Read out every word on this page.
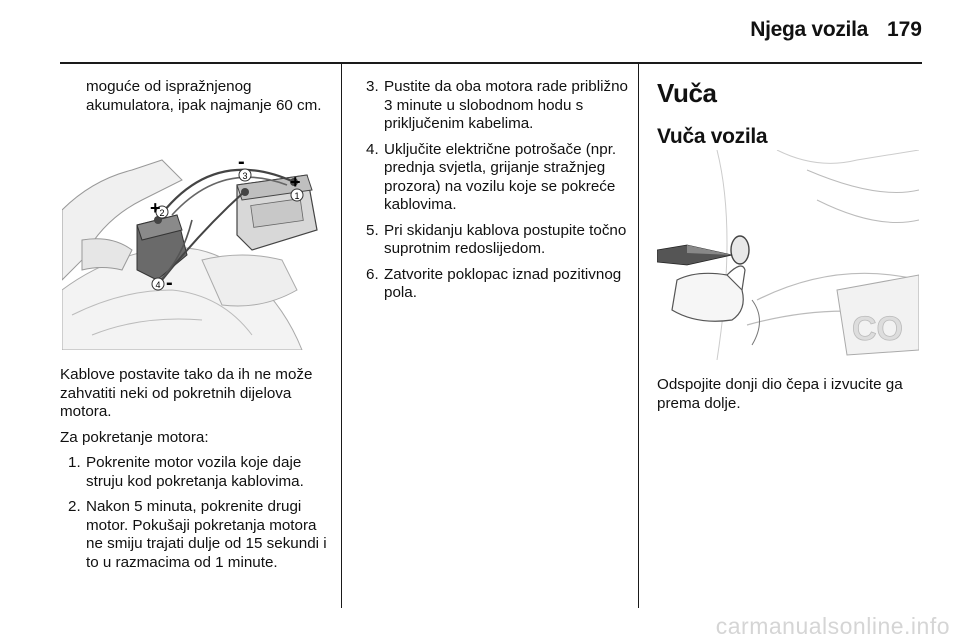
Njega vozila 179

moguće od ispražnjenog akumulatora, ipak najmanje 60 cm.

1
2
3
4
+
+
-
-

Kablove postavite tako da ih ne može zahvatiti neki od pokretnih dijelova motora.

Za pokretanje motora:

1. Pokrenite motor vozila koje daje struju kod pokretanja kablovima.
2. Nakon 5 minuta, pokrenite drugi motor. Pokušaji pokretanja motora ne smiju trajati dulje od 15 sekundi i to u razmacima od 1 minute.
3. Pustite da oba motora rade približno 3 minute u slobodnom hodu s priključenim kabelima.
4. Uključite električne potrošače (npr. prednja svjetla, grijanje stražnjeg prozora) na vozilu koje se pokreće kablovima.
5. Pri skidanju kablova postupite točno suprotnim redoslijedom.
6. Zatvorite poklopac iznad pozitivnog pola.
Vuča
Vuča vozila
CO

Odspojite donji dio čepa i izvucite ga prema dolje.

carmanualsonline.info
